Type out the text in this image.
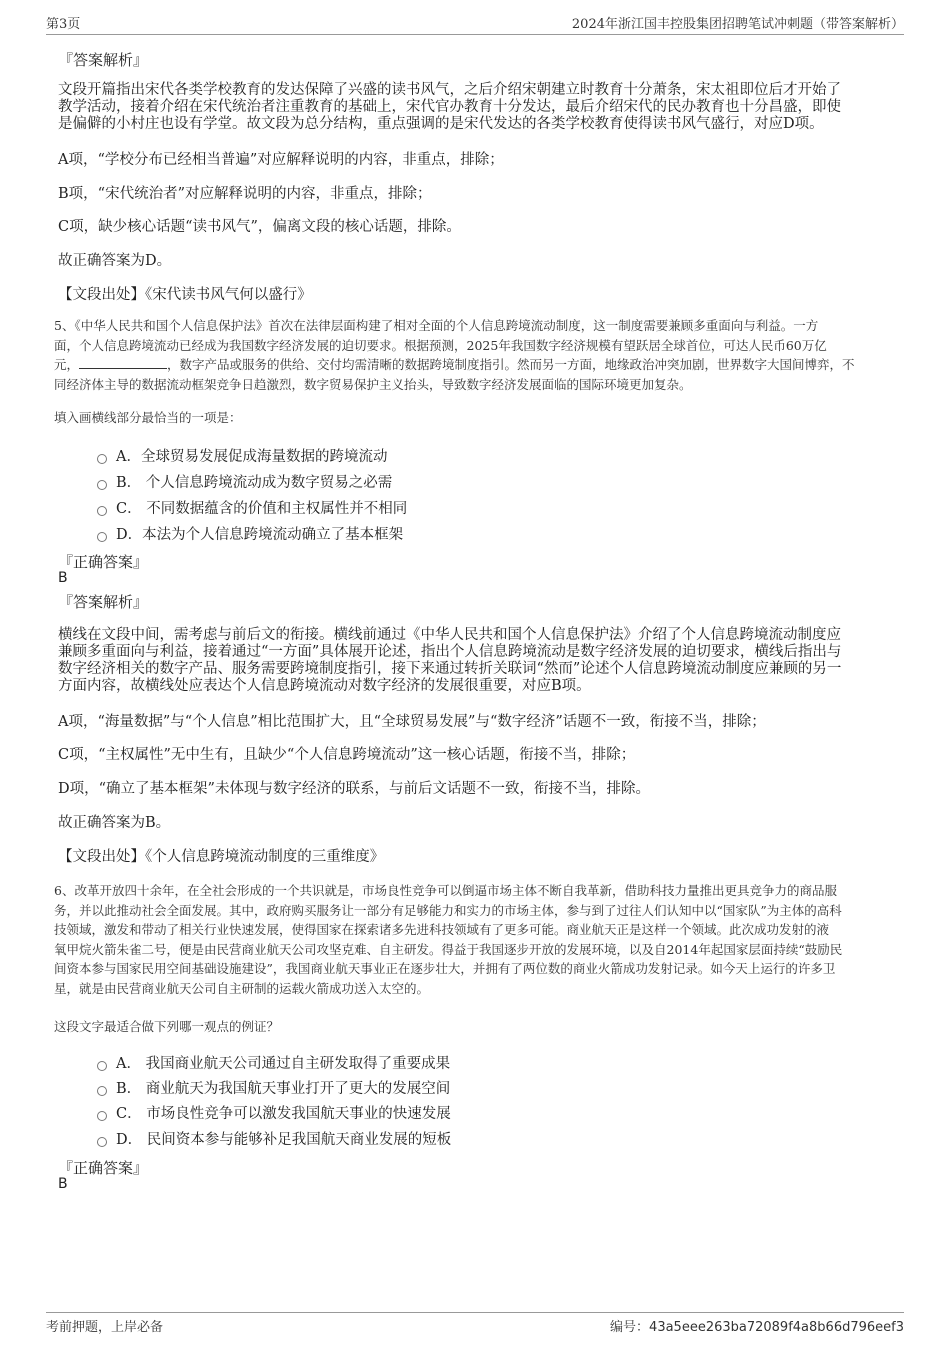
第3页	2024年浙江国丰控股集团招聘笔试冲刺题（带答案解析）
『答案解析』
文段开篇指出宋代各类学校教育的发达保障了兴盛的读书风气，之后介绍宋朝建立时教育十分萧条，宋太祖即位后才开始了
教学活动，接着介绍在宋代统治者注重教育的基础上，宋代官办教育十分发达，最后介绍宋代的民办教育也十分昌盛，即使
是偏僻的小村庄也设有学堂。故文段为总分结构，重点强调的是宋代发达的各类学校教育使得读书风气盛行，对应D项。
A项，“学校分布已经相当普遍”对应解释说明的内容，非重点，排除；
B项，“宋代统治者”对应解释说明的内容，非重点，排除；
C项，缺少核心话题“读书风气”，偏离文段的核心话题，排除。
故正确答案为D。
【文段出处】《宋代读书风气何以盛行》
5、《中华人民共和国个人信息保护法》首次在法律层面构建了相对全面的个人信息跨境流动制度，这一制度需要兼顾多重面向与利益。一方
面，个人信息跨境流动已经成为我国数字经济发展的迫切要求。根据预测，2025年我国数字经济规模有望跃居全球首位，可达人民币60万亿
元，	，数字产品或服务的供给、交付均需清晰的数据跨境制度指引。然而另一方面，地缘政治冲突加剧，世界数字大国间博弈，不
同经济体主导的数据流动框架竞争日趋激烈，数字贸易保护主义抬头，导致数字经济发展面临的国际环境更加复杂。
填入画横线部分最恰当的一项是：
A．全球贸易发展促成海量数据的跨境流动
B． 个人信息跨境流动成为数字贸易之必需
C． 不同数据蕴含的价值和主权属性并不相同
D．本法为个人信息跨境流动确立了基本框架
『正确答案』
B
『答案解析』
横线在文段中间，需考虑与前后文的衔接。横线前通过《中华人民共和国个人信息保护法》介绍了个人信息跨境流动制度应
兼顾多重面向与利益，接着通过“一方面”具体展开论述，指出个人信息跨境流动是数字经济发展的迫切要求，横线后指出与
数字经济相关的数字产品、服务需要跨境制度指引，接下来通过转折关联词“然而”论述个人信息跨境流动制度应兼顾的另一
方面内容，故横线处应表达个人信息跨境流动对数字经济的发展很重要，对应B项。
A项，“海量数据”与“个人信息”相比范围扩大，且“全球贸易发展”与“数字经济”话题不一致，衔接不当，排除；
C项，“主权属性”无中生有，且缺少“个人信息跨境流动”这一核心话题，衔接不当，排除；
D项，“确立了基本框架”未体现与数字经济的联系，与前后文话题不一致，衔接不当，排除。
故正确答案为B。
【文段出处】《个人信息跨境流动制度的三重维度》
6、改革开放四十余年，在全社会形成的一个共识就是，市场良性竞争可以倒逼市场主体不断自我革新，借助科技力量推出更具竞争力的商品服
务，并以此推动社会全面发展。其中，政府购买服务让一部分有足够能力和实力的市场主体，参与到了过往人们认知中以“国家队”为主体的高科
技领域，激发和带动了相关行业快速发展，使得国家在探索诸多先进科技领域有了更多可能。商业航天正是这样一个领域。此次成功发射的液
氧甲烷火箭朱雀二号，便是由民营商业航天公司攻坚克难、自主研发。得益于我国逐步开放的发展环境，以及自2014年起国家层面持续“鼓励民
间资本参与国家民用空间基础设施建设”，我国商业航天事业正在逐步壮大，并拥有了两位数的商业火箭成功发射记录。如今天上运行的许多卫
星，就是由民营商业航天公司自主研制的运载火箭成功送入太空的。
这段文字最适合做下列哪一观点的例证？
A． 我国商业航天公司通过自主研发取得了重要成果
B． 商业航天为我国航天事业打开了更大的发展空间
C． 市场良性竞争可以激发我国航天事业的快速发展
D． 民间资本参与能够补足我国航天商业发展的短板
『正确答案』
B
考前押题，上岸必备	编号：43a5eee263ba72089f4a8b66d796eef3
